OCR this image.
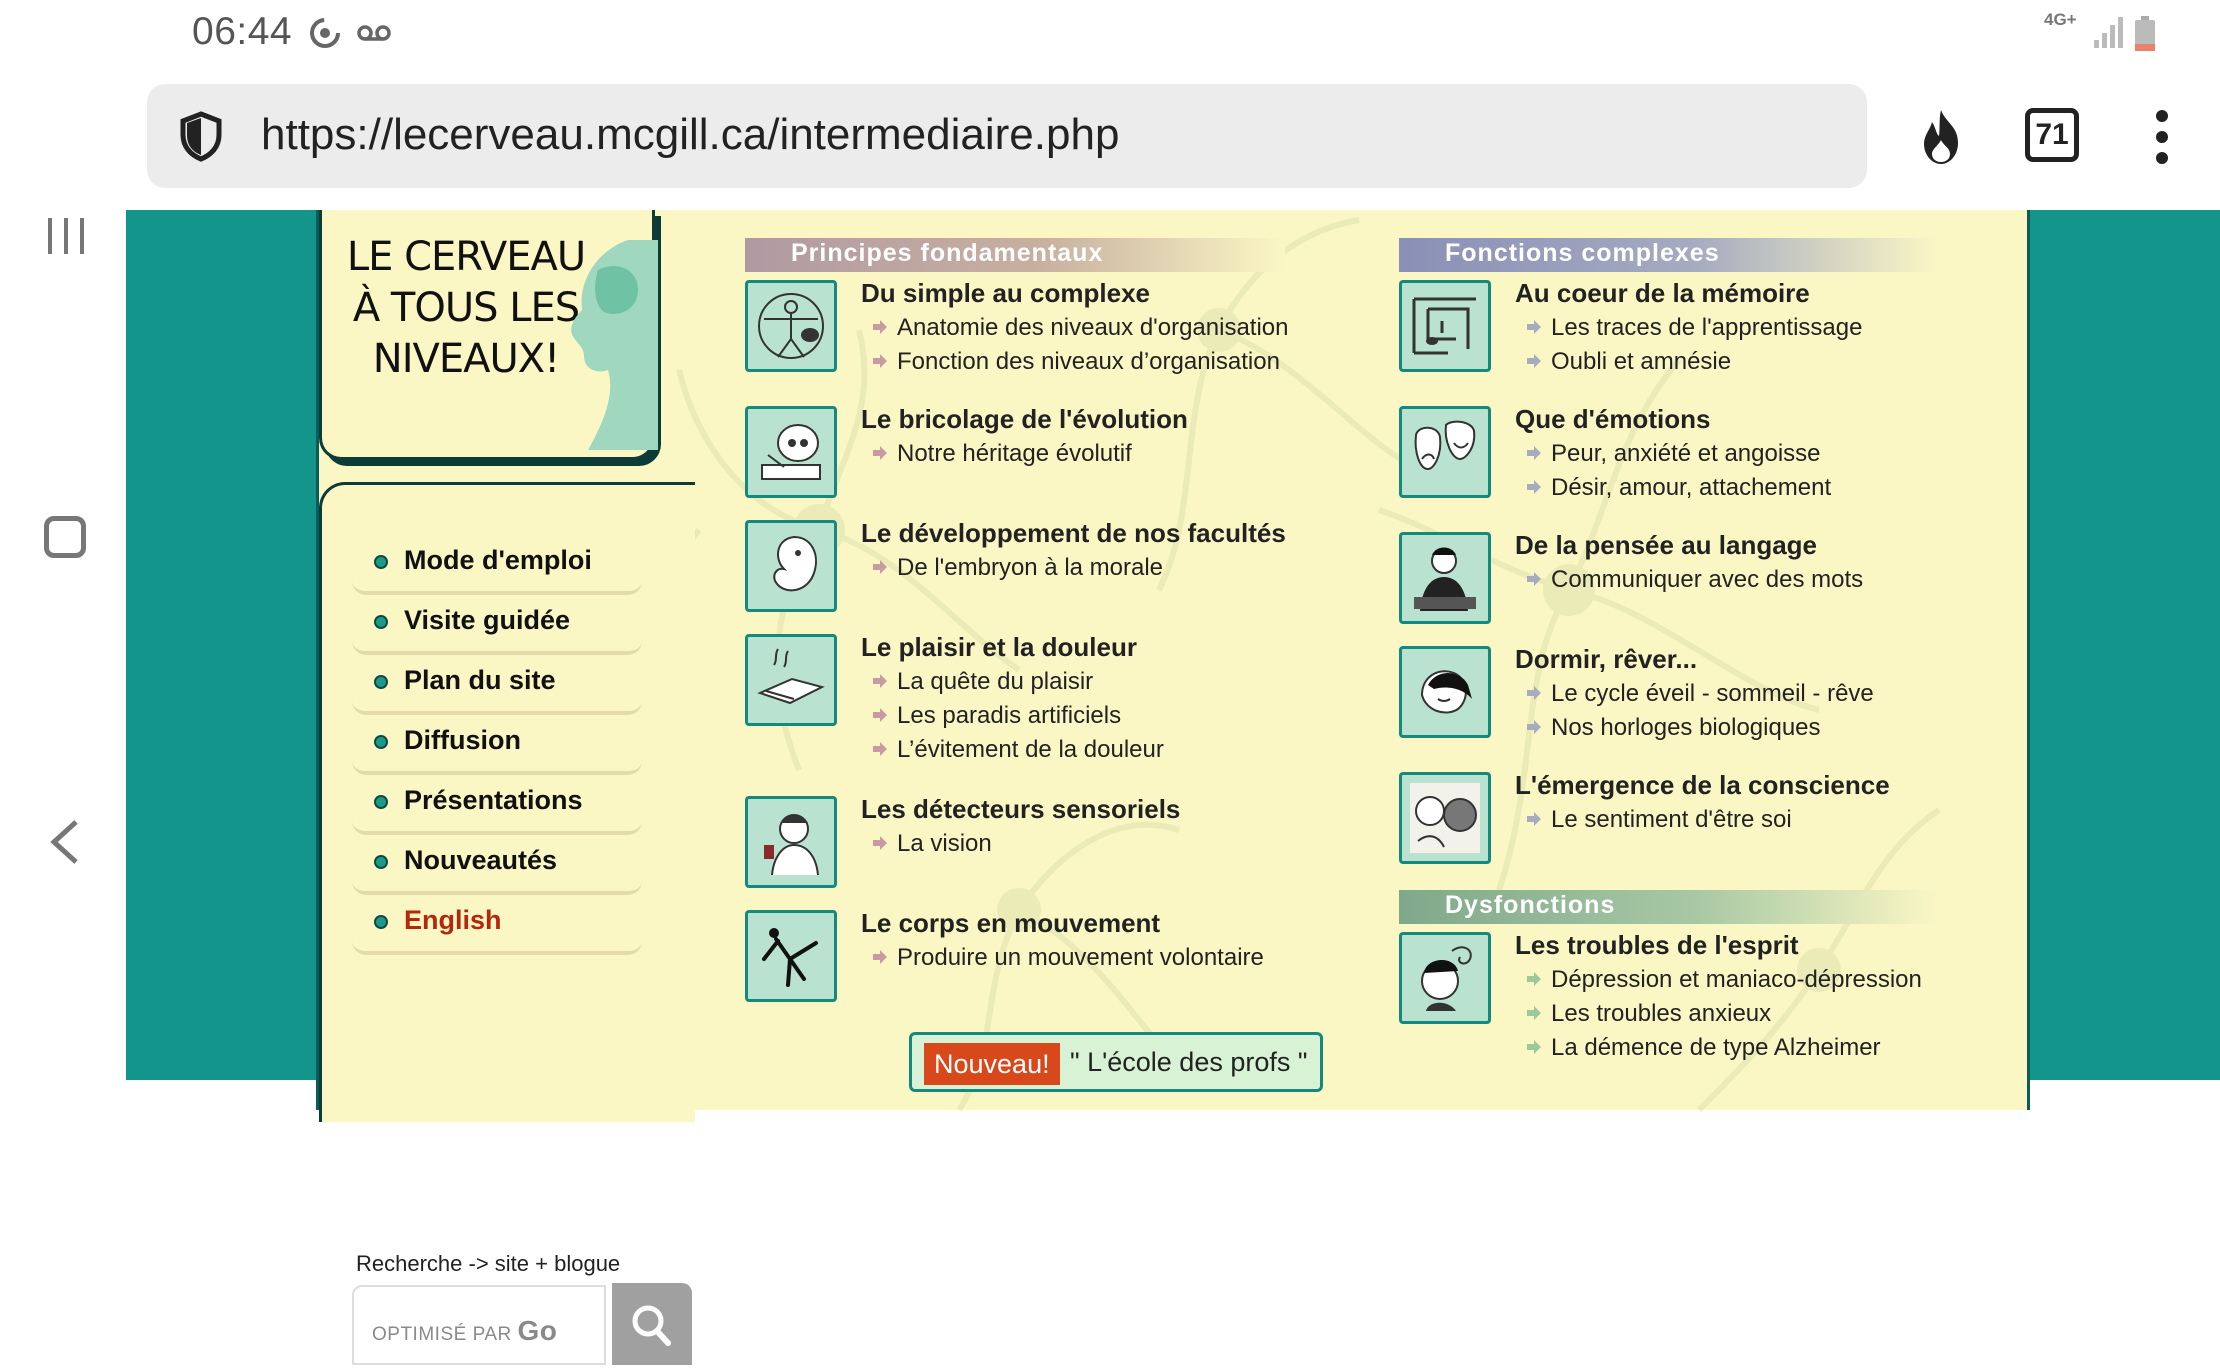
06:44	4G+
https://lecerveau.mcgill.ca/intermediaire.php	71
LE CERVEAU
À TOUS LES
NIVEAUX!
Mode d'emploi
Visite guidée
Plan du site
Diffusion
Présentations
Nouveautés
English
Recherche -> site + blogue
OPTIMISÉ PAR Go
Principes fondamentaux
Du simple au complexe
Anatomie des niveaux d'organisation
Fonction des niveaux d’organisation
Le bricolage de l'évolution
Notre héritage évolutif
Le développement de nos facultés
De l'embryon à la morale
Le plaisir et la douleur
La quête du plaisir
Les paradis artificiels
L’évitement de la douleur
Les détecteurs sensoriels
La vision
Le corps en mouvement
Produire un mouvement volontaire
Fonctions complexes
Au coeur de la mémoire
Les traces de l'apprentissage
Oubli et amnésie
Que d'émotions
Peur, anxiété et angoisse
Désir, amour, attachement
De la pensée au langage
Communiquer avec des mots
Dormir, rêver...
Le cycle éveil - sommeil - rêve
Nos horloges biologiques
L'émergence de la conscience
Le sentiment d'être soi
Dysfonctions
Les troubles de l'esprit
Dépression et maniaco-dépression
Les troubles anxieux
La démence de type Alzheimer
Nouveau! " L'école des profs "
